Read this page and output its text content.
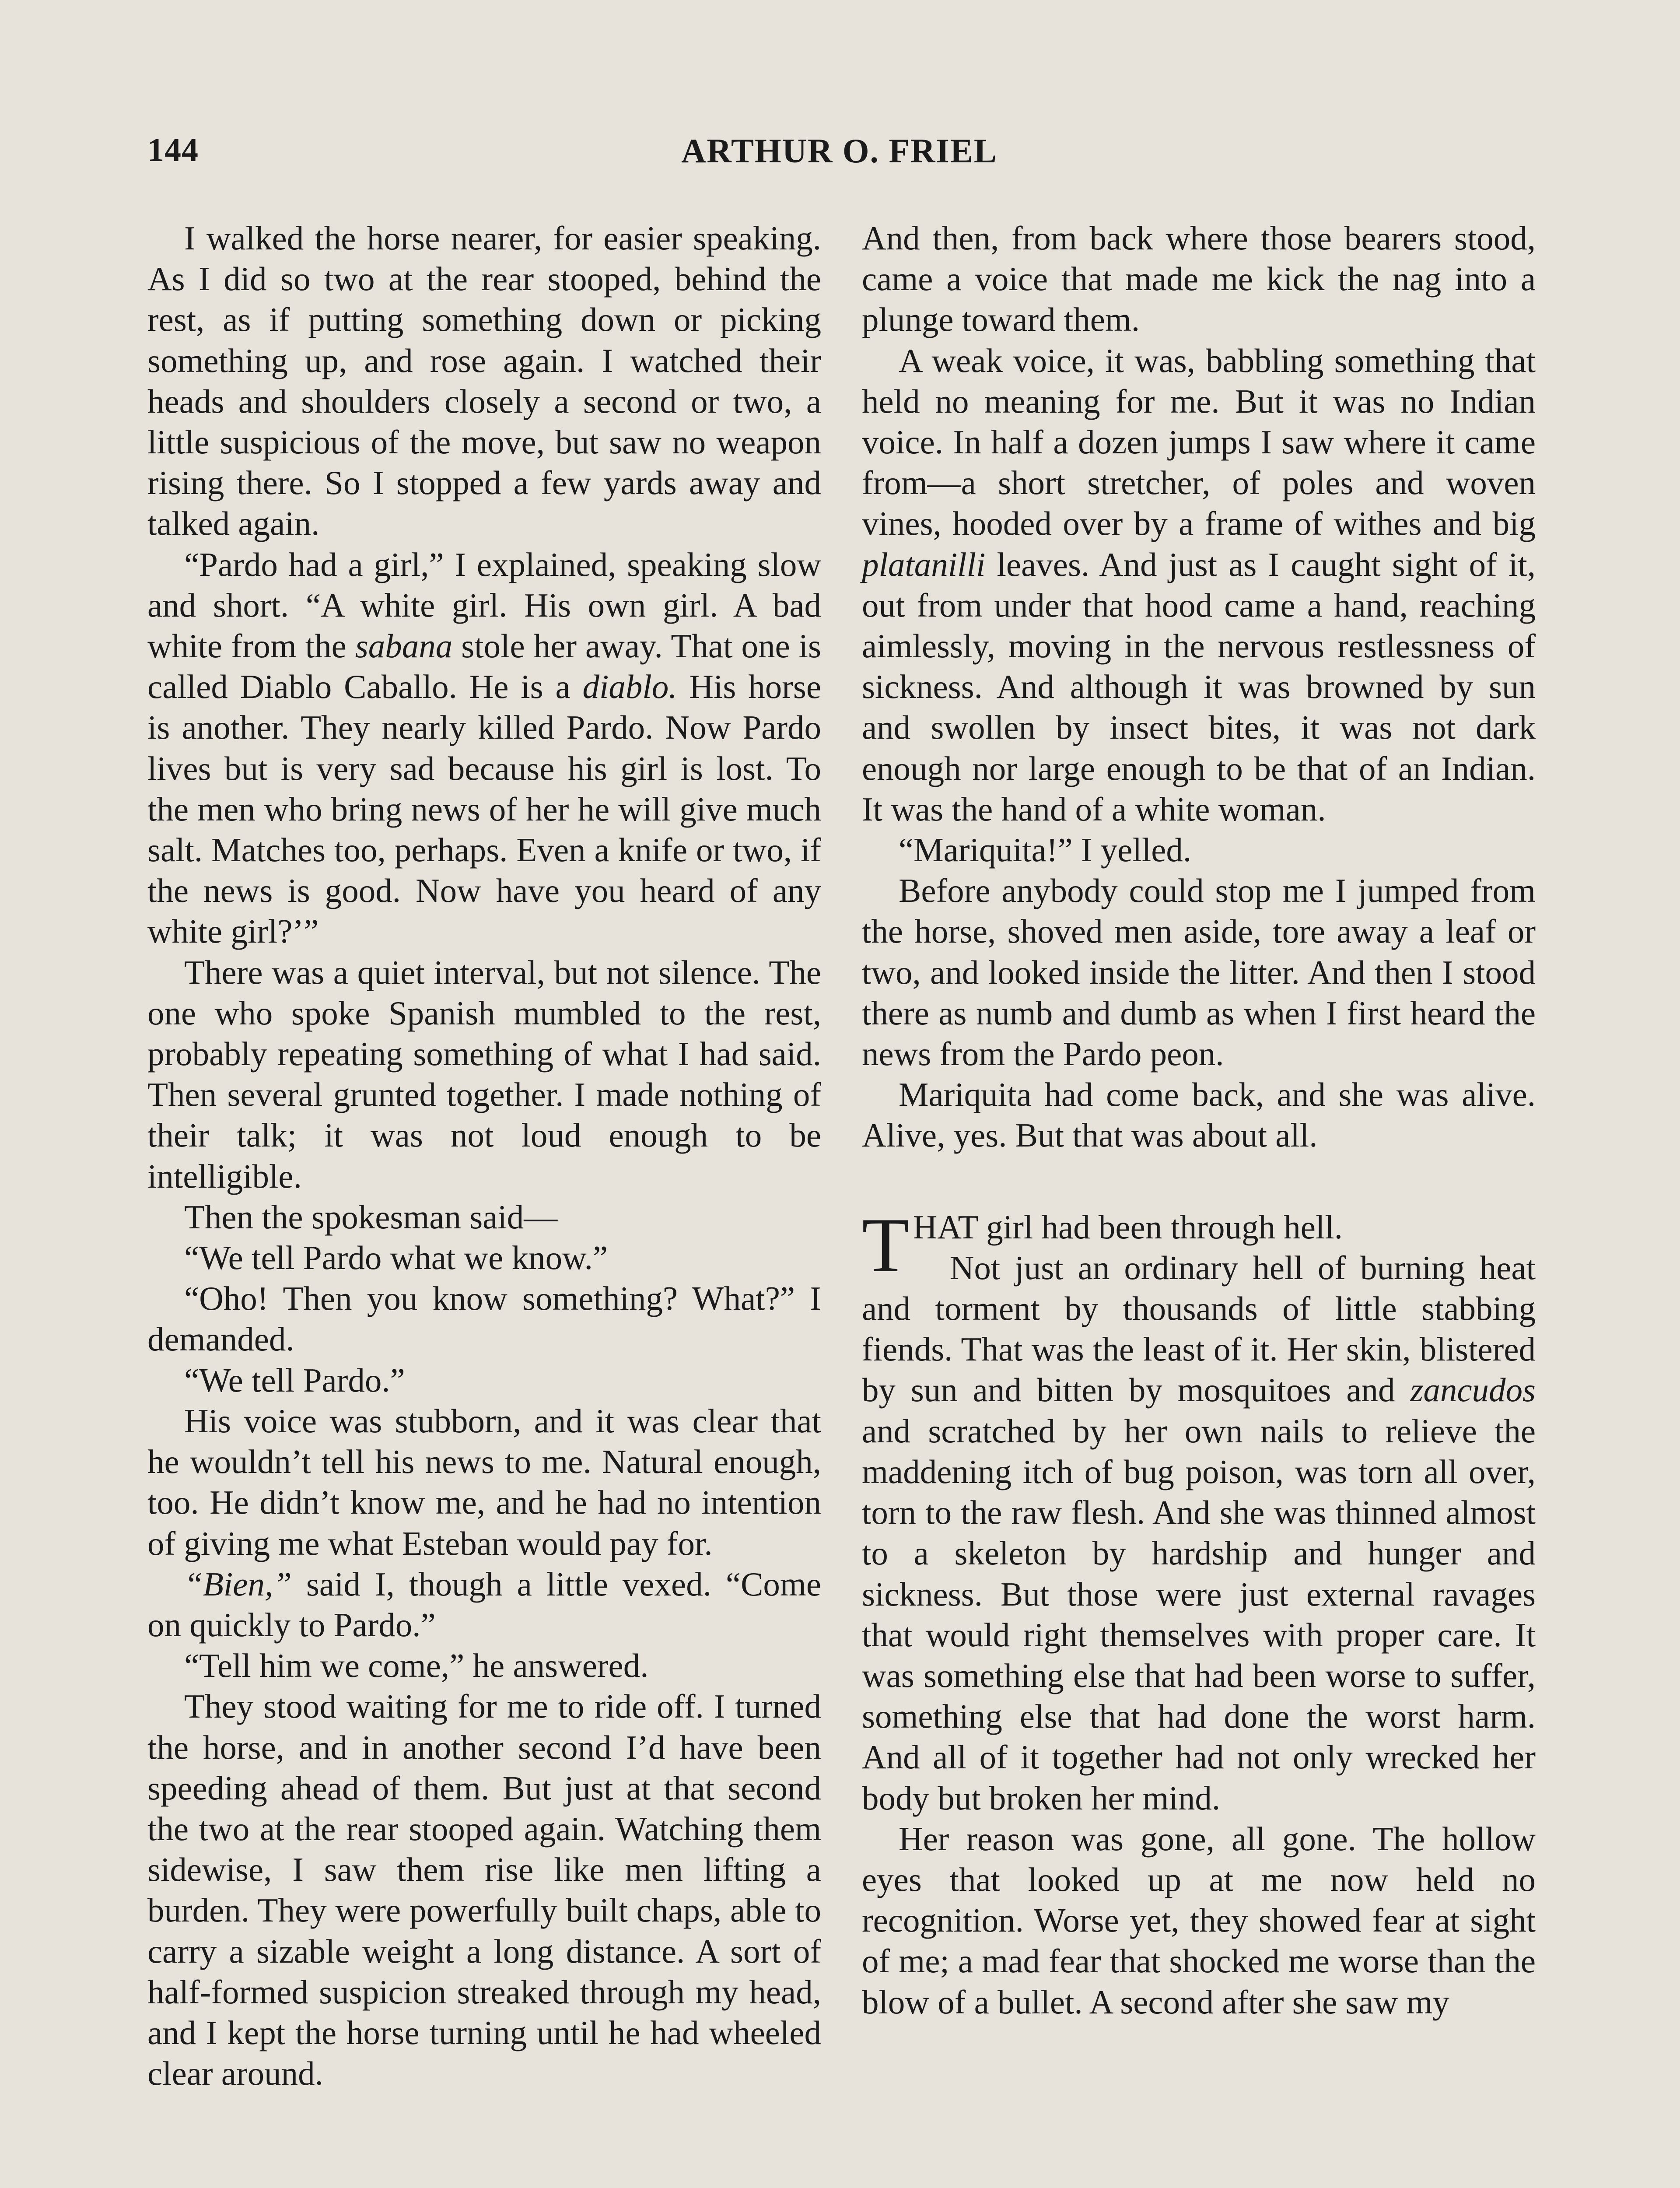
144	ARTHUR O. FRIEL

I walked the horse nearer, for easier speaking. As I did so two at the rear stooped, behind the rest, as if putting something down or picking something up, and rose again. I watched their heads and shoulders closely a second or two, a little suspicious of the move, but saw no weapon rising there. So I stopped a few yards away and talked again.

“Pardo had a girl,” I explained, speaking slow and short. “A white girl. His own girl. A bad white from the sabana stole her away. That one is called Diablo Caballo. He is a diablo. His horse is another. They nearly killed Pardo. Now Pardo lives but is very sad because his girl is lost. To the men who bring news of her he will give much salt. Matches too, perhaps. Even a knife or two, if the news is good. Now have you heard of any white girl?’”

There was a quiet interval, but not silence. The one who spoke Spanish mumbled to the rest, probably repeating something of what I had said. Then several grunted together. I made nothing of their talk; it was not loud enough to be intelligible.

Then the spokesman said—

“We tell Pardo what we know.”

“Oho! Then you know something? What?” I demanded.

“We tell Pardo.”

His voice was stubborn, and it was clear that he wouldn’t tell his news to me. Natural enough, too. He didn’t know me, and he had no intention of giving me what Esteban would pay for.

“Bien,” said I, though a little vexed. “Come on quickly to Pardo.”

“Tell him we come,” he answered.

They stood waiting for me to ride off. I turned the horse, and in another second I’d have been speeding ahead of them. But just at that second the two at the rear stooped again. Watching them sidewise, I saw them rise like men lifting a burden. They were powerfully built chaps, able to carry a sizable weight a long distance. A sort of half-formed suspicion streaked through my head, and I kept the horse turning until he had wheeled clear around.

And then, from back where those bearers stood, came a voice that made me kick the nag into a plunge toward them.

A weak voice, it was, babbling something that held no meaning for me. But it was no Indian voice. In half a dozen jumps I saw where it came from—a short stretcher, of poles and woven vines, hooded over by a frame of withes and big platanilli leaves. And just as I caught sight of it, out from under that hood came a hand, reaching aimlessly, moving in the nervous restlessness of sickness. And although it was browned by sun and swollen by insect bites, it was not dark enough nor large enough to be that of an Indian. It was the hand of a white woman.

“Mariquita!” I yelled.

Before anybody could stop me I jumped from the horse, shoved men aside, tore away a leaf or two, and looked inside the litter. And then I stood there as numb and dumb as when I first heard the news from the Pardo peon.

Mariquita had come back, and she was alive. Alive, yes. But that was about all.

THAT girl had been through hell.

Not just an ordinary hell of burning heat and torment by thousands of little stabbing fiends. That was the least of it. Her skin, blistered by sun and bitten by mosquitoes and zancudos and scratched by her own nails to relieve the maddening itch of bug poison, was torn all over, torn to the raw flesh. And she was thinned almost to a skeleton by hardship and hunger and sickness. But those were just external ravages that would right themselves with proper care. It was something else that had been worse to suffer, something else that had done the worst harm. And all of it together had not only wrecked her body but broken her mind.

Her reason was gone, all gone. The hollow eyes that looked up at me now held no recognition. Worse yet, they showed fear at sight of me; a mad fear that shocked me worse than the blow of a bullet. A second after she saw my
